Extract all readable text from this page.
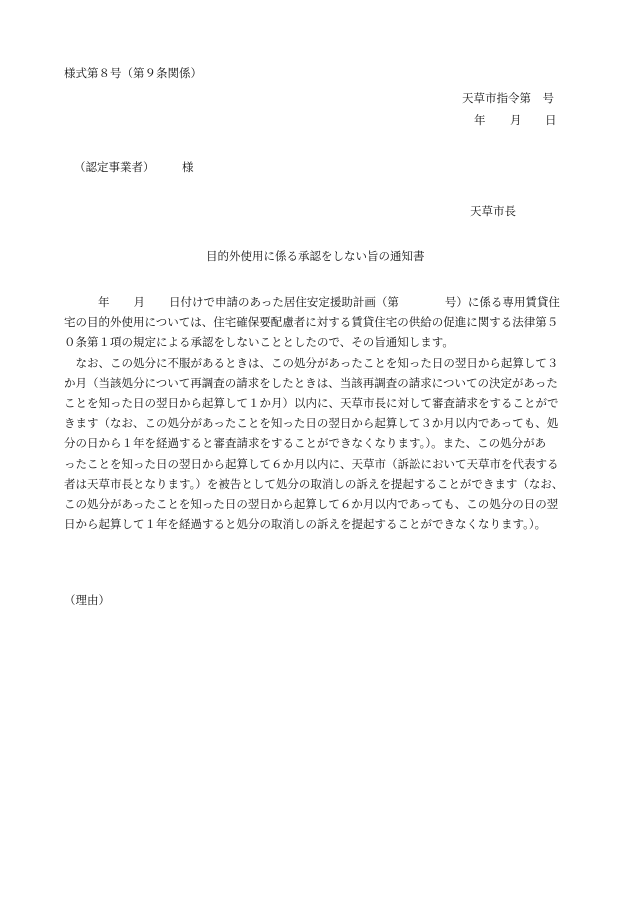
様式第８号（第９条関係）
天草市指令第　号
年 月 日
（認定事業者） 様
天草市長
目的外使用に係る承認をしない旨の通知書
年 月 日付けで申請のあった居住安定援助計画（第	号）に係る専用賃貸住
宅の目的外使用については、住宅確保要配慮者に対する賃貸住宅の供給の促進に関する法律第５
０条第１項の規定による承認をしないこととしたので、その旨通知します。
　なお、この処分に不服があるときは、この処分があったことを知った日の翌日から起算して３
か月（当該処分について再調査の請求をしたときは、当該再調査の請求についての決定があった
ことを知った日の翌日から起算して１か月）以内に、天草市長に対して審査請求をすることがで
きます（なお、この処分があったことを知った日の翌日から起算して３か月以内であっても、処
分の日から１年を経過すると審査請求をすることができなくなります。）。また、この処分があ
ったことを知った日の翌日から起算して６か月以内に、天草市（訴訟において天草市を代表する
者は天草市長となります。）を被告として処分の取消しの訴えを提起することができます（なお、
この処分があったことを知った日の翌日から起算して６か月以内であっても、この処分の日の翌
日から起算して１年を経過すると処分の取消しの訴えを提起することができなくなります。）。
（理由）
